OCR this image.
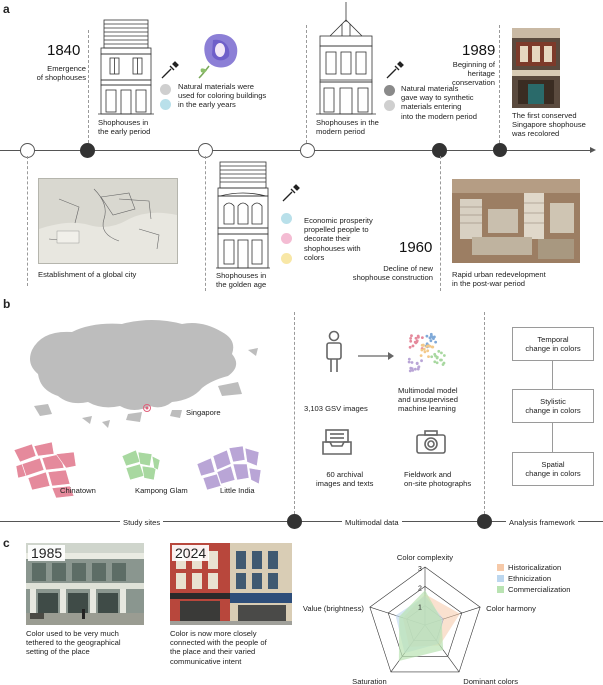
a
1840
Emergence
of shophouses
Shophouses in
the early period
Natural materials were
used for coloring buildings
in the early years
Shophouses in the
modern period
1989
Beginning of
heritage conservation
Natural materials
gave way to synthetic
materials entering
into the modern period	The first conserved
Singapore shophouse
was recolored
Establishment of a global city	Shophouses in
the golden age
Economic prosperity
propelled people to
decorate their
shophouses with
colors
1960
Decline of new
shophouse construction	Rapid urban redevelopment
in the post-war period
b
Singapore
Chinatown	Kampong Glam	Little India
Study sites	Multimodal data	Analysis framework
3,103 GSV images
Multimodal model
and unsupervised
machine learning
60 archival
images and texts
Fieldwork and
on-site photographs
Temporal
change in colors
Stylistic
change in colors
Spatial
change in colors
c
1985
Color used to be very much
tethered to the geographical
setting of the place
2024
Color is now more closely
connected with the people of
the place and their varied
communicative intent
3
2
1
Color complexity
Color harmony
Dominant colors
Saturation
Value (brightness)
Historicalization
Ethnicization
Commercialization
